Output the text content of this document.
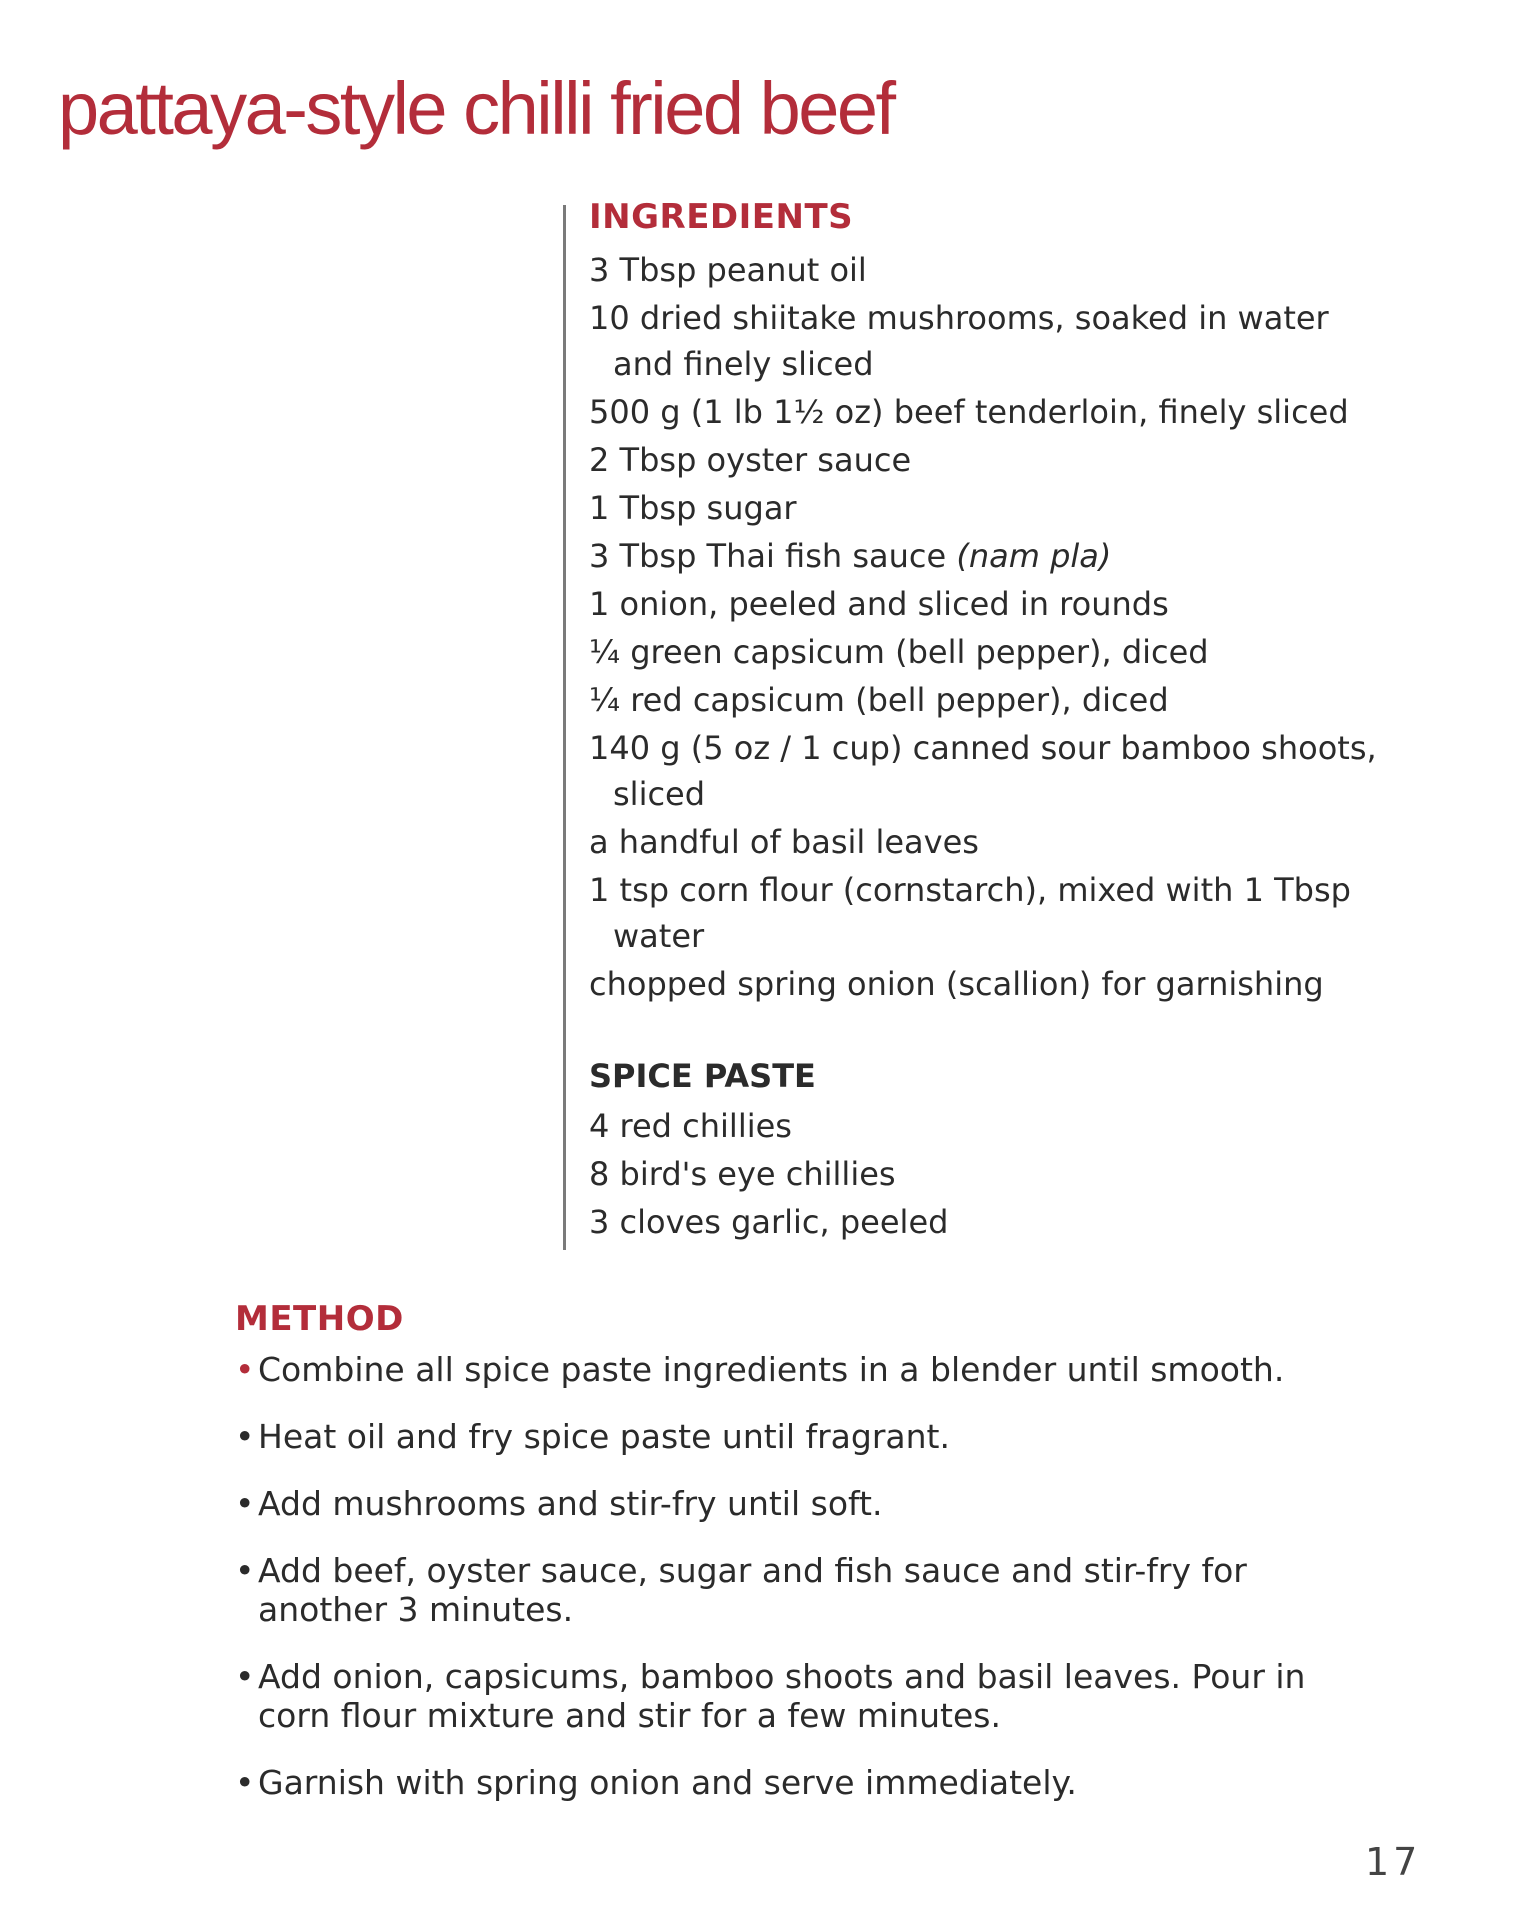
pattaya-style chilli fried beef
INGREDIENTS
3 Tbsp peanut oil
10 dried shiitake mushrooms, soaked in water and finely sliced
500 g (1 lb 1½ oz) beef tenderloin, finely sliced
2 Tbsp oyster sauce
1 Tbsp sugar
3 Tbsp Thai fish sauce (nam pla)
1 onion, peeled and sliced in rounds
¼ green capsicum (bell pepper), diced
¼ red capsicum (bell pepper), diced
140 g (5 oz / 1 cup) canned sour bamboo shoots, sliced
a handful of basil leaves
1 tsp corn flour (cornstarch), mixed with 1 Tbsp water
chopped spring onion (scallion) for garnishing
SPICE PASTE
4 red chillies
8 bird's eye chillies
3 cloves garlic, peeled
METHOD
• Combine all spice paste ingredients in a blender until smooth.
• Heat oil and fry spice paste until fragrant.
• Add mushrooms and stir-fry until soft.
• Add beef, oyster sauce, sugar and fish sauce and stir-fry for another 3 minutes.
• Add onion, capsicums, bamboo shoots and basil leaves. Pour in corn flour mixture and stir for a few minutes.
• Garnish with spring onion and serve immediately.
17
